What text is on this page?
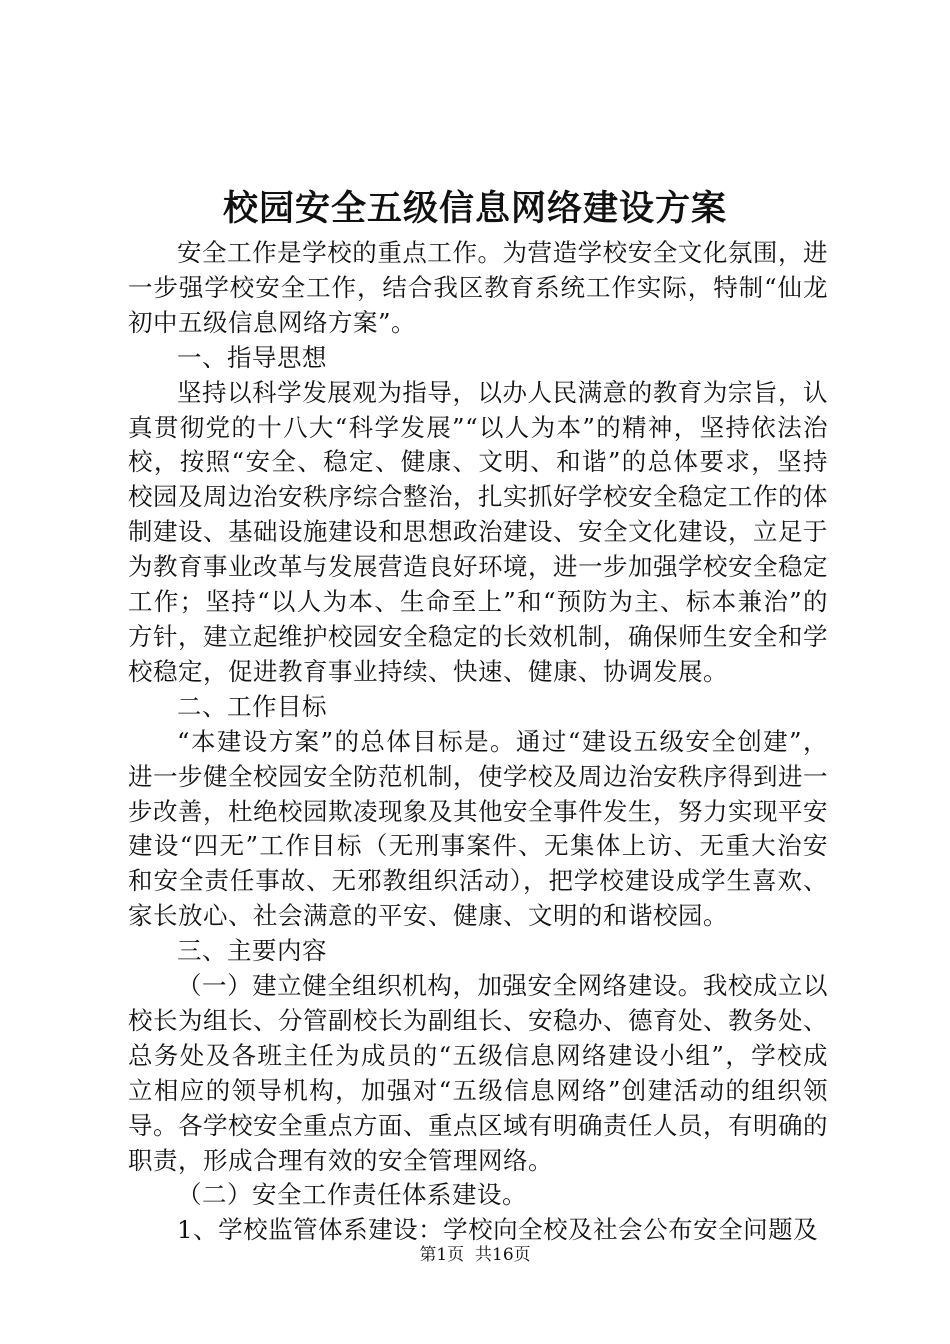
校园安全五级信息网络建设方案

安全工作是学校的重点工作。为营造学校安全文化氛围，进一步强学校安全工作，结合我区教育系统工作实际，特制“仙龙初中五级信息网络方案”。

一、指导思想

坚持以科学发展观为指导，以办人民满意的教育为宗旨，认真贯彻党的十八大“科学发展”“以人为本”的精神，坚持依法治校，按照“安全、稳定、健康、文明、和谐”的总体要求，坚持校园及周边治安秩序综合整治，扎实抓好学校安全稳定工作的体制建设、基础设施建设和思想政治建设、安全文化建设，立足于为教育事业改革与发展营造良好环境，进一步加强学校安全稳定工作；坚持“以人为本、生命至上”和“预防为主、标本兼治”的方针，建立起维护校园安全稳定的长效机制，确保师生安全和学校稳定，促进教育事业持续、快速、健康、协调发展。

二、工作目标

“本建设方案”的总体目标是。通过“建设五级安全创建”，进一步健全校园安全防范机制，使学校及周边治安秩序得到进一步改善，杜绝校园欺凌现象及其他安全事件发生，努力实现平安建设“四无”工作目标（无刑事案件、无集体上访、无重大治安和安全责任事故、无邪教组织活动），把学校建设成学生喜欢、家长放心、社会满意的平安、健康、文明的和谐校园。

三、主要内容

（一）建立健全组织机构，加强安全网络建设。我校成立以校长为组长、分管副校长为副组长、安稳办、德育处、教务处、总务处及各班主任为成员的“五级信息网络建设小组”，学校成立相应的领导机构，加强对“五级信息网络”创建活动的组织领导。各学校安全重点方面、重点区域有明确责任人员，有明确的职责，形成合理有效的安全管理网络。

（二）安全工作责任体系建设。

1、学校监管体系建设：学校向全校及社会公布安全问题及

第1页 共16页
